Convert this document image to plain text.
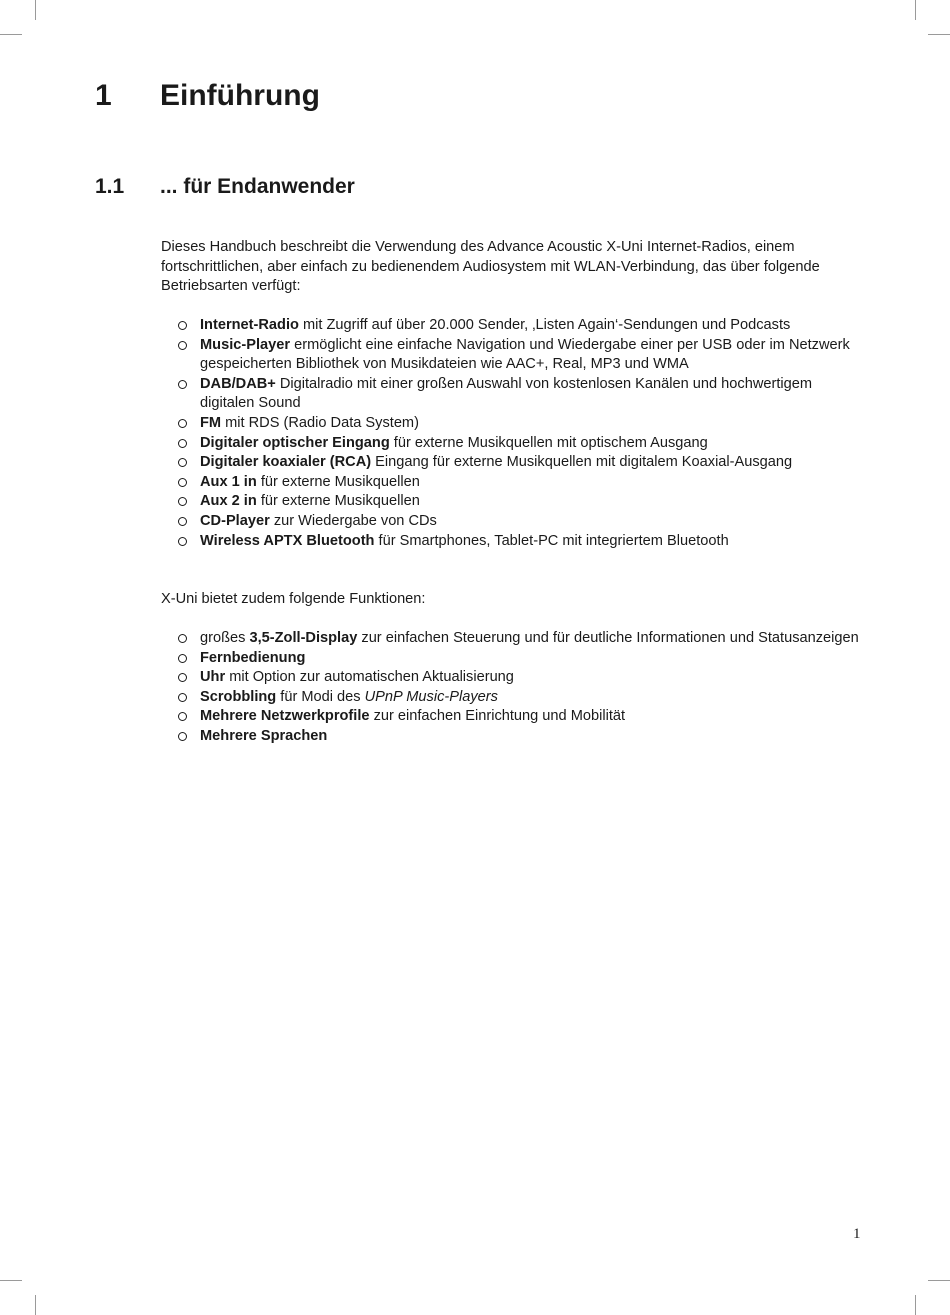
1 Einführung
1.1 ... für Endanwender

Dieses Handbuch beschreibt die Verwendung des Advance Acoustic X-Uni Internet-Radios, einem fortschrittlichen, aber einfach zu bedienendem Audiosystem mit WLAN-Verbindung, das über folgende Betriebsarten verfügt:

Internet-Radio mit Zugriff auf über 20.000 Sender, ‚Listen Again‘-Sendungen und Podcasts
Music-Player ermöglicht eine einfache Navigation und Wiedergabe einer per USB oder im Netzwerk gespeicherten Bibliothek von Musikdateien wie AAC+, Real, MP3 und WMA
DAB/DAB+ Digitalradio mit einer großen Auswahl von kostenlosen Kanälen und hochwertigem digitalen Sound
FM mit RDS (Radio Data System)
Digitaler optischer Eingang für externe Musikquellen mit optischem Ausgang
Digitaler koaxialer (RCA) Eingang für externe Musikquellen mit digitalem Koaxial-Ausgang
Aux 1 in für externe Musikquellen
Aux 2 in für externe Musikquellen
CD-Player zur Wiedergabe von CDs
Wireless APTX Bluetooth für Smartphones, Tablet-PC mit integriertem Bluetooth

X-Uni bietet zudem folgende Funktionen:

großes 3,5-Zoll-Display zur einfachen Steuerung und für deutliche Informationen und Statusanzeigen
Fernbedienung
Uhr mit Option zur automatischen Aktualisierung
Scrobbling für Modi des UPnP Music-Players
Mehrere Netzwerkprofile zur einfachen Einrichtung und Mobilität
Mehrere Sprachen
1
